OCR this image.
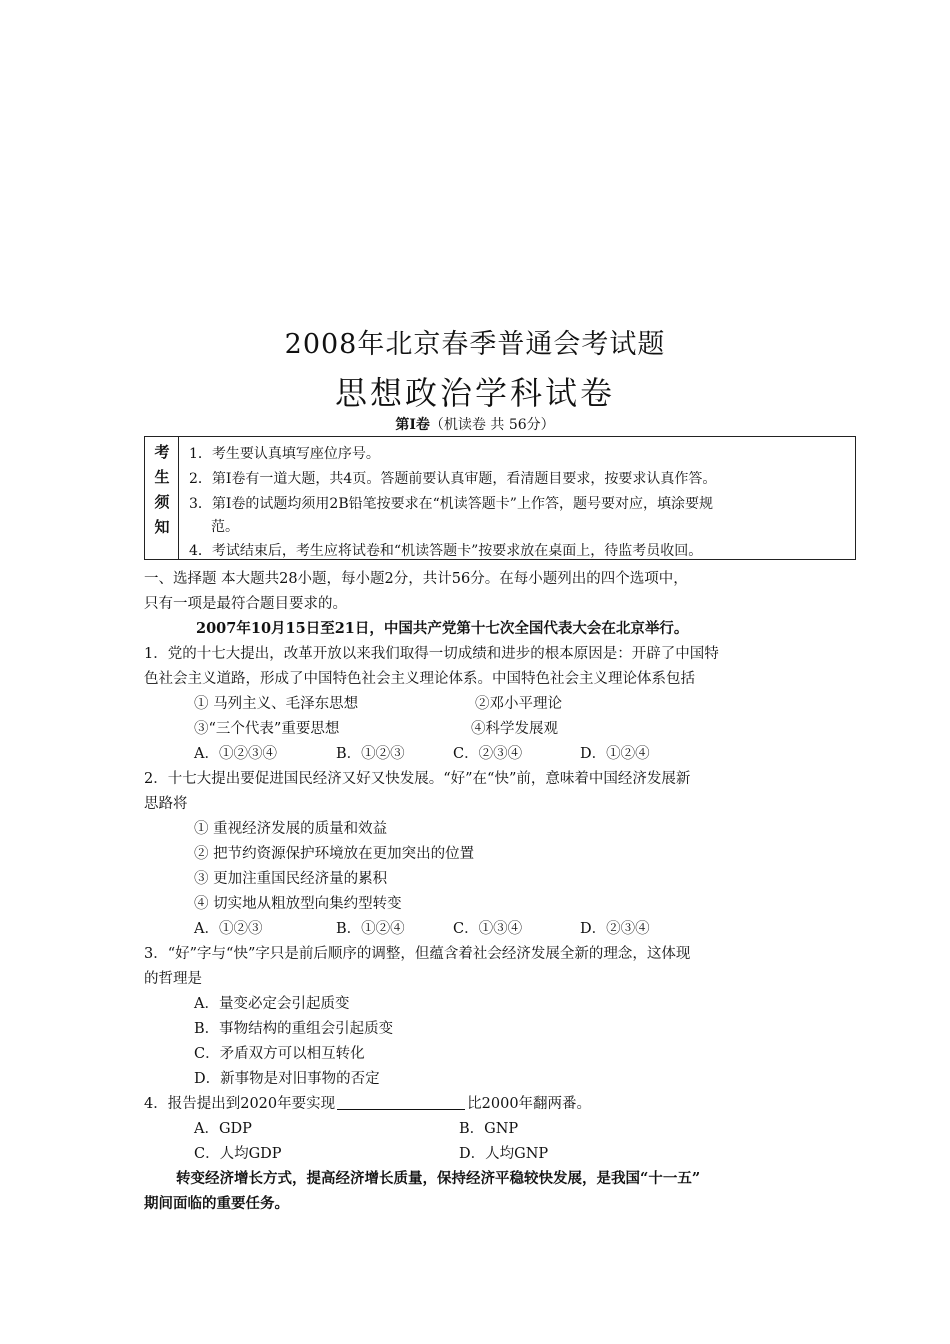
2008年北京春季普通会考试题
思想政治学科试卷
第Ⅰ卷（机读卷 共 56分）
考
生
须
知
1．考生要认真填写座位序号。
2．第Ⅰ卷有一道大题，共4页。答题前要认真审题，看清题目要求，按要求认真作答。
3．第Ⅰ卷的试题均须用2B铅笔按要求在“机读答题卡”上作答，题号要对应，填涂要规
范。
4．考试结束后，考生应将试卷和“机读答题卡”按要求放在桌面上，待监考员收回。
一、选择题 本大题共28小题，每小题2分，共计56分。在每小题列出的四个选项中，
只有一项是最符合题目要求的。
2007年10月15日至21日，中国共产党第十七次全国代表大会在北京举行。
1．党的十七大提出，改革开放以来我们取得一切成绩和进步的根本原因是：开辟了中国特
色社会主义道路，形成了中国特色社会主义理论体系。中国特色社会主义理论体系包括
① 马列主义、毛泽东思想	②邓小平理论
③“三个代表”重要思想	④科学发展观
A．①②③④	B．①②③	C．②③④	D．①②④
2．十七大提出要促进国民经济又好又快发展。“好”在“快”前，意味着中国经济发展新
思路将
① 重视经济发展的质量和效益
② 把节约资源保护环境放在更加突出的位置
③ 更加注重国民经济量的累积
④ 切实地从粗放型向集约型转变
A．①②③	B．①②④	C．①③④	D．②③④
3．“好”字与“快”字只是前后顺序的调整，但蕴含着社会经济发展全新的理念，这体现
的哲理是
A．量变必定会引起质变
B．事物结构的重组会引起质变
C．矛盾双方可以相互转化
D．新事物是对旧事物的否定
4．报告提出到2020年要实现	比2000年翻两番。
A．GDP	B．GNP
C．人均GDP	D．人均GNP
转变经济增长方式，提高经济增长质量，保持经济平稳较快发展，是我国“十一五”
期间面临的重要任务。
